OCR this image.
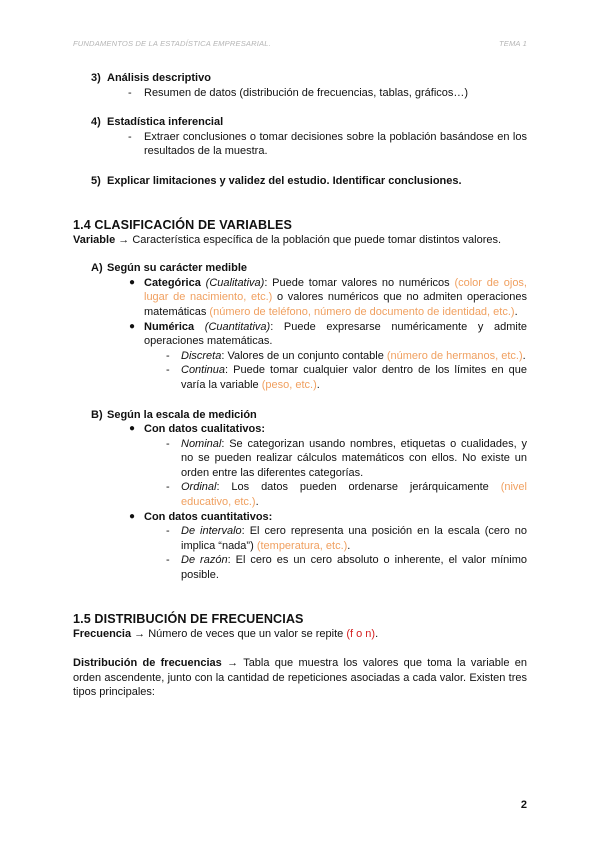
FUNDAMENTOS DE LA ESTADÍSTICA EMPRESARIAL.	TEMA 1
3) Análisis descriptivo
- Resumen de datos (distribución de frecuencias, tablas, gráficos…)
4) Estadística inferencial
- Extraer conclusiones o tomar decisiones sobre la población basándose en los resultados de la muestra.
5) Explicar limitaciones y validez del estudio. Identificar conclusiones.
1.4 CLASIFICACIÓN DE VARIABLES
Variable → Característica específica de la población que puede tomar distintos valores.
A) Según su carácter medible
● Categórica (Cualitativa): Puede tomar valores no numéricos (color de ojos, lugar de nacimiento, etc.) o valores numéricos que no admiten operaciones matemáticas (número de teléfono, número de documento de identidad, etc.).
● Numérica (Cuantitativa): Puede expresarse numéricamente y admite operaciones matemáticas.
- Discreta: Valores de un conjunto contable (número de hermanos, etc.).
- Continua: Puede tomar cualquier valor dentro de los límites en que varía la variable (peso, etc.).
B) Según la escala de medición
● Con datos cualitativos:
- Nominal: Se categorizan usando nombres, etiquetas o cualidades, y no se pueden realizar cálculos matemáticos con ellos. No existe un orden entre las diferentes categorías.
- Ordinal: Los datos pueden ordenarse jerárquicamente (nivel educativo, etc.).
● Con datos cuantitativos:
- De intervalo: El cero representa una posición en la escala (cero no implica “nada”) (temperatura, etc.).
- De razón: El cero es un cero absoluto o inherente, el valor mínimo posible.
1.5 DISTRIBUCIÓN DE FRECUENCIAS
Frecuencia → Número de veces que un valor se repite (f o n).
Distribución de frecuencias → Tabla que muestra los valores que toma la variable en orden ascendente, junto con la cantidad de repeticiones asociadas a cada valor. Existen tres tipos principales:
2
